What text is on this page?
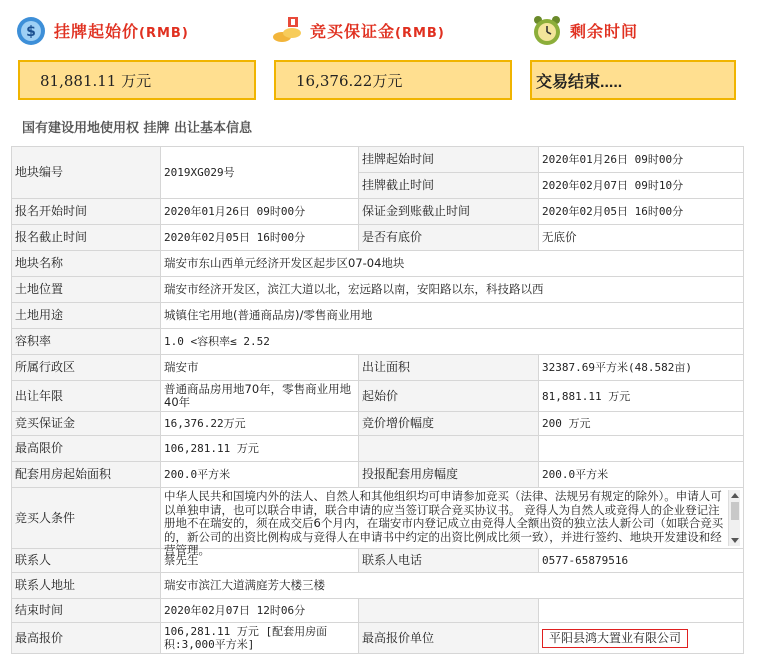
$ 挂牌起始价(RMB)
81,881.11 万元
竞买保证金(RMB)
16,376.22万元
剩余时间
交易结束.....
国有建设用地使用权 挂牌 出让基本信息
地块编号	2019XG029号	挂牌起始时间	2020年01月26日 09时00分
		挂牌截止时间	2020年02月07日 09时10分
报名开始时间	2020年01月26日 09时00分	保证金到账截止时间	2020年02月05日 16时00分
报名截止时间	2020年02月05日 16时00分	是否有底价	无底价
地块名称	瑞安市东山西单元经济开发区起步区07-04地块		
土地位置	瑞安市经济开发区，滨江大道以北，宏远路以南，安阳路以东，科技路以西		
土地用途	城镇住宅用地(普通商品房)/零售商业用地		
容积率	1.0 <容积率≤ 2.52		
所属行政区	瑞安市	出让面积	32387.69平方米(48.582亩)
出让年限	普通商品房用地70年，零售商业用地40年	起始价	81,881.11 万元
竞买保证金	16,376.22万元	竞价增价幅度	200 万元
最高限价	106,281.11 万元		
配套用房起始面积	200.0平方米	投报配套用房幅度	200.0平方米
竞买人条件	中华人民共和国境内外的法人、自然人和其他组织均可申请参加竞买（法律、法规另有规定的除外）。申请人可以单独申请，也可以联合申请，联合申请的应当签订联合竞买协议书。 竞得人为自然人或竞得人的企业登记注册地不在瑞安的，须在成交后6个月内，在瑞安市内登记成立由竞得人全额出资的独立法人新公司（如联合竞买的，新公司的出资比例构成与竞得人在申请书中约定的出资比例成比须一致），并进行签约、地块开发建设和经营管理。		

联系人	蔡先生	联系人电话	0577-65879516
联系人地址	瑞安市滨江大道满庭芳大楼三楼		
结束时间	2020年02月07日 12时06分		
最高报价	106,281.11 万元 [配套用房面积:3,000平方米]	最高报价单位	平阳县鸿大置业有限公司
